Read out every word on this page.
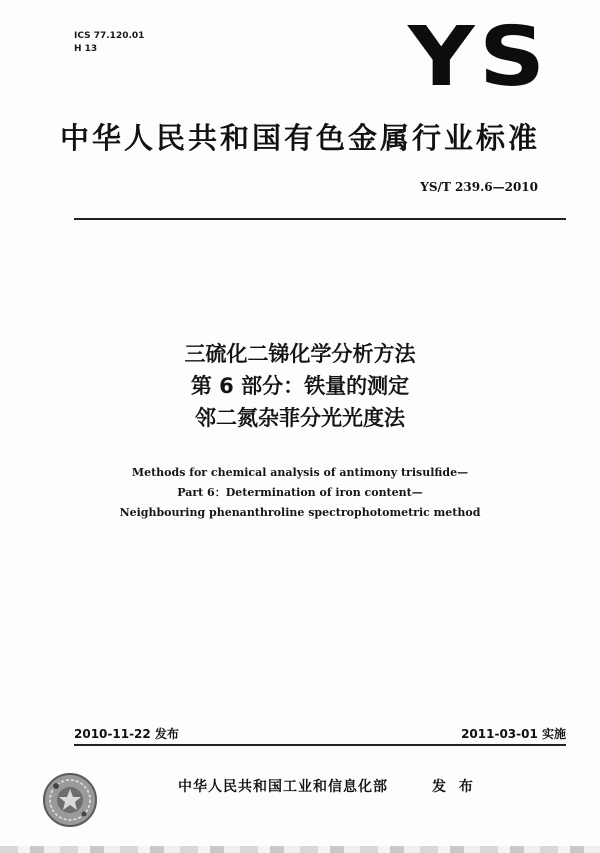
ICS 77.120.01
H 13	YS
中华人民共和国有色金属行业标准
YS/T 239.6—2010
三硫化二锑化学分析方法
第 6 部分：铁量的测定
邻二氮杂菲分光光度法
Methods for chemical analysis of antimony trisulfide—
Part 6：Determination of iron content—
Neighbouring phenanthroline spectrophotometric method
2010-11-22 发布	2011-03-01 实施
中华人民共和国工业和信息化部	发 布
